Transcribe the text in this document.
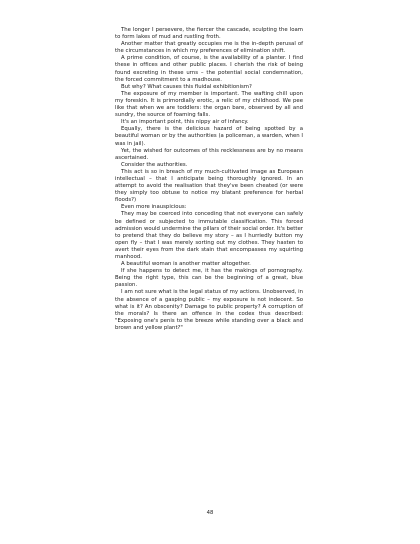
The longer I persevere, the fiercer the cascade, sculpting the loam to form lakes of mud and rustling froth.

Another matter that greatly occupies me is the in-depth perusal of the circumstances in which my preferences of elimination shift.

A prime condition, of course, is the availability of a planter. I find these in offices and other public places. I cherish the risk of being found excreting in these urns – the potential social condemnation, the forced commitment to a madhouse.

But why? What causes this fluidal exhibitionism?

The exposure of my member is important. The wafting chill upon my foreskin. It is primordially erotic, a relic of my childhood. We pee like that when we are toddlers: the organ bare, observed by all and sundry, the source of foaming falls.

It's an important point, this nippy air of infancy.

Equally, there is the delicious hazard of being spotted by a beautiful woman or by the authorities (a policeman, a warden, when I was in jail).

Yet, the wished for outcomes of this recklessness are by no means ascertained.

Consider the authorities.

This act is so in breach of my much-cultivated image as European intellectual – that I anticipate being thoroughly ignored. In an attempt to avoid the realisation that they've been cheated (or were they simply too obtuse to notice my blatant preference for herbal floods?)

Even more inauspicious:

They may be coerced into conceding that not everyone can safely be defined or subjected to immutable classification. This forced admission would undermine the pillars of their social order. It's better to pretend that they do believe my story – as I hurriedly button my open fly – that I was merely sorting out my clothes. They hasten to avert their eyes from the dark stain that encompasses my squirting manhood.

A beautiful woman is another matter altogether.

If she happens to detect me, it has the makings of pornography. Being the right type, this can be the beginning of a great, blue passion.

I am not sure what is the legal status of my actions. Unobserved, in the absence of a gasping public – my exposure is not indecent. So what is it? An obscenity? Damage to public property? A corruption of the morals? Is there an offence in the codex thus described: "Exposing one's penis to the breeze while standing over a black and brown and yellow plant?"

48
